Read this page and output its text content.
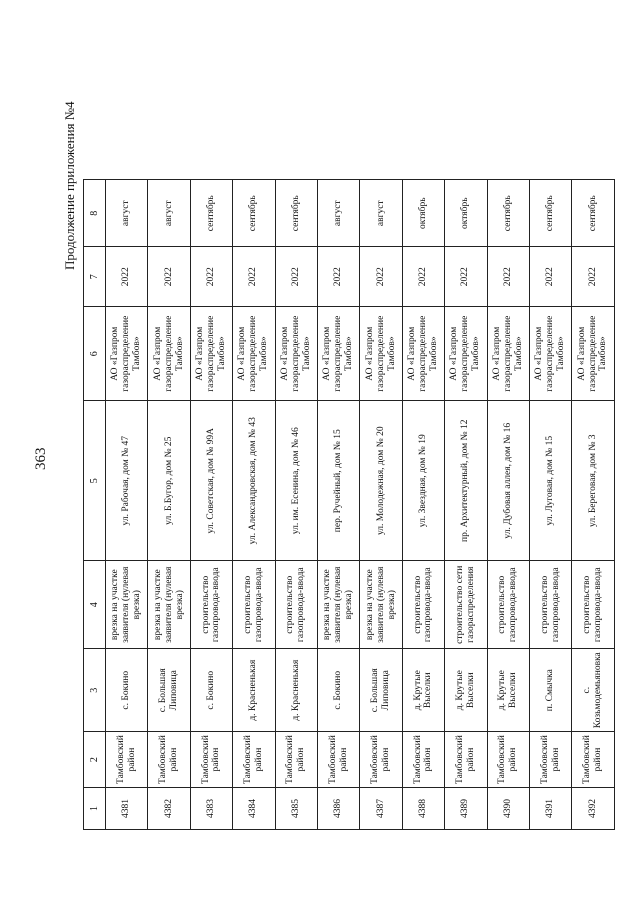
363
Продолжение приложения №4
1	2	3	4	5	6	7	8
4381	Тамбовский район	с. Бокино	врезка на участке заявителя (нулевая врезка)	ул. Рабочая, дом № 47	АО «Газпром газораспределение Тамбов»	2022	август
4382	Тамбовский район	с. Большая Липовица	врезка на участке заявителя (нулевая врезка)	ул. Б.Бугор, дом № 25	АО «Газпром газораспределение Тамбов»	2022	август
4383	Тамбовский район	с. Бокино	строительство газопровода-ввода	ул. Советская, дом № 99А	АО «Газпром газораспределение Тамбов»	2022	сентябрь
4384	Тамбовский район	д. Красненькая	строительство газопровода-ввода	ул. Александровская, дом № 43	АО «Газпром газораспределение Тамбов»	2022	сентябрь
4385	Тамбовский район	д. Красненькая	строительство газопровода-ввода	ул. им. Есенина, дом № 46	АО «Газпром газораспределение Тамбов»	2022	сентябрь
4386	Тамбовский район	с. Бокино	врезка на участке заявителя (нулевая врезка)	пер. Ручейный, дом № 15	АО «Газпром газораспределение Тамбов»	2022	август
4387	Тамбовский район	с. Большая Липовица	врезка на участке заявителя (нулевая врезка)	ул. Молодежная, дом № 20	АО «Газпром газораспределение Тамбов»	2022	август
4388	Тамбовский район	д. Крутые Выселки	строительство газопровода-ввода	ул. Звездная, дом № 19	АО «Газпром газораспределение Тамбов»	2022	октябрь
4389	Тамбовский район	д. Крутые Выселки	строительство сети газораспределения	пр. Архитектурный, дом № 12	АО «Газпром газораспределение Тамбов»	2022	октябрь
4390	Тамбовский район	д. Крутые Выселки	строительство газопровода-ввода	ул. Дубовая аллея, дом № 16	АО «Газпром газораспределение Тамбов»	2022	сентябрь
4391	Тамбовский район	п. Смычка	строительство газопровода-ввода	ул. Луговая, дом № 15	АО «Газпром газораспределение Тамбов»	2022	сентябрь
4392	Тамбовский район	с. Козьмодемьяновка	строительство газопровода-ввода	ул. Береговая, дом № 3	АО «Газпром газораспределение Тамбов»	2022	сентябрь
